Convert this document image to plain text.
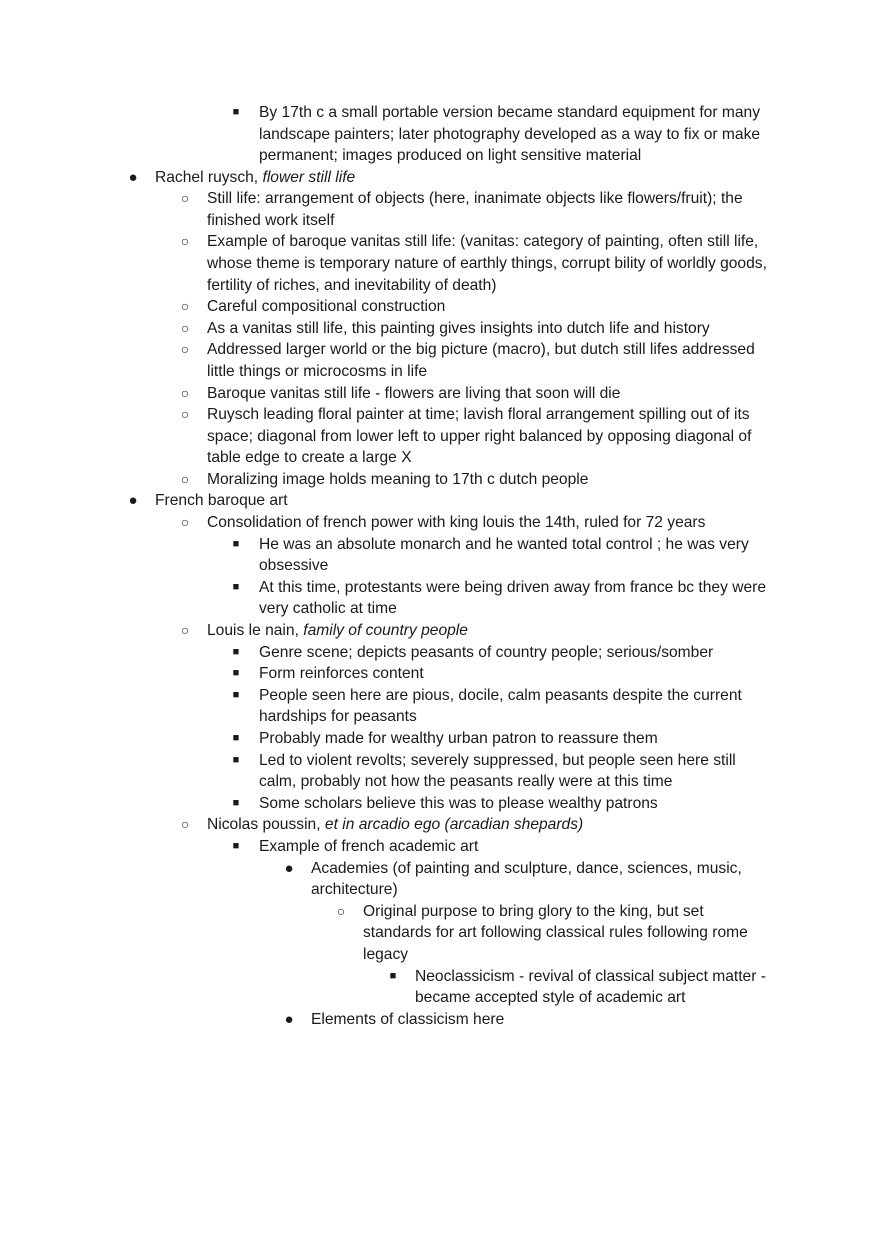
■ By 17th c a small portable version became standard equipment for many
landscape painters; later photography developed as a way to fix or make
permanent; images produced on light sensitive material
● Rachel ruysch, flower still life
○ Still life: arrangement of objects (here, inanimate objects like flowers/fruit); the
finished work itself
○ Example of baroque vanitas still life: (vanitas: category of painting, often still life,
whose theme is temporary nature of earthly things, corrupt bility of worldly goods,
fertility of riches, and inevitability of death)
○ Careful compositional construction
○ As a vanitas still life, this painting gives insights into dutch life and history
○ Addressed larger world or the big picture (macro), but dutch still lifes addressed
little things or microcosms in life
○ Baroque vanitas still life - flowers are living that soon will die
○ Ruysch leading floral painter at time; lavish floral arrangement spilling out of its
space; diagonal from lower left to upper right balanced by opposing diagonal of
table edge to create a large X
○ Moralizing image holds meaning to 17th c dutch people
● French baroque art
○ Consolidation of french power with king louis the 14th, ruled for 72 years
■ He was an absolute monarch and he wanted total control ; he was very
obsessive
■ At this time, protestants were being driven away from france bc they were
very catholic at time
○ Louis le nain, family of country people
■ Genre scene; depicts peasants of country people; serious/somber
■ Form reinforces content
■ People seen here are pious, docile, calm peasants despite the current
hardships for peasants
■ Probably made for wealthy urban patron to reassure them
■ Led to violent revolts; severely suppressed, but people seen here still
calm, probably not how the peasants really were at this time
■ Some scholars believe this was to please wealthy patrons
○ Nicolas poussin, et in arcadio ego (arcadian shepards)
■ Example of french academic art
● Academies (of painting and sculpture, dance, sciences, music,
architecture)
○ Original purpose to bring glory to the king, but set
standards for art following classical rules following rome
legacy
■ Neoclassicism - revival of classical subject matter -
became accepted style of academic art
● Elements of classicism here
